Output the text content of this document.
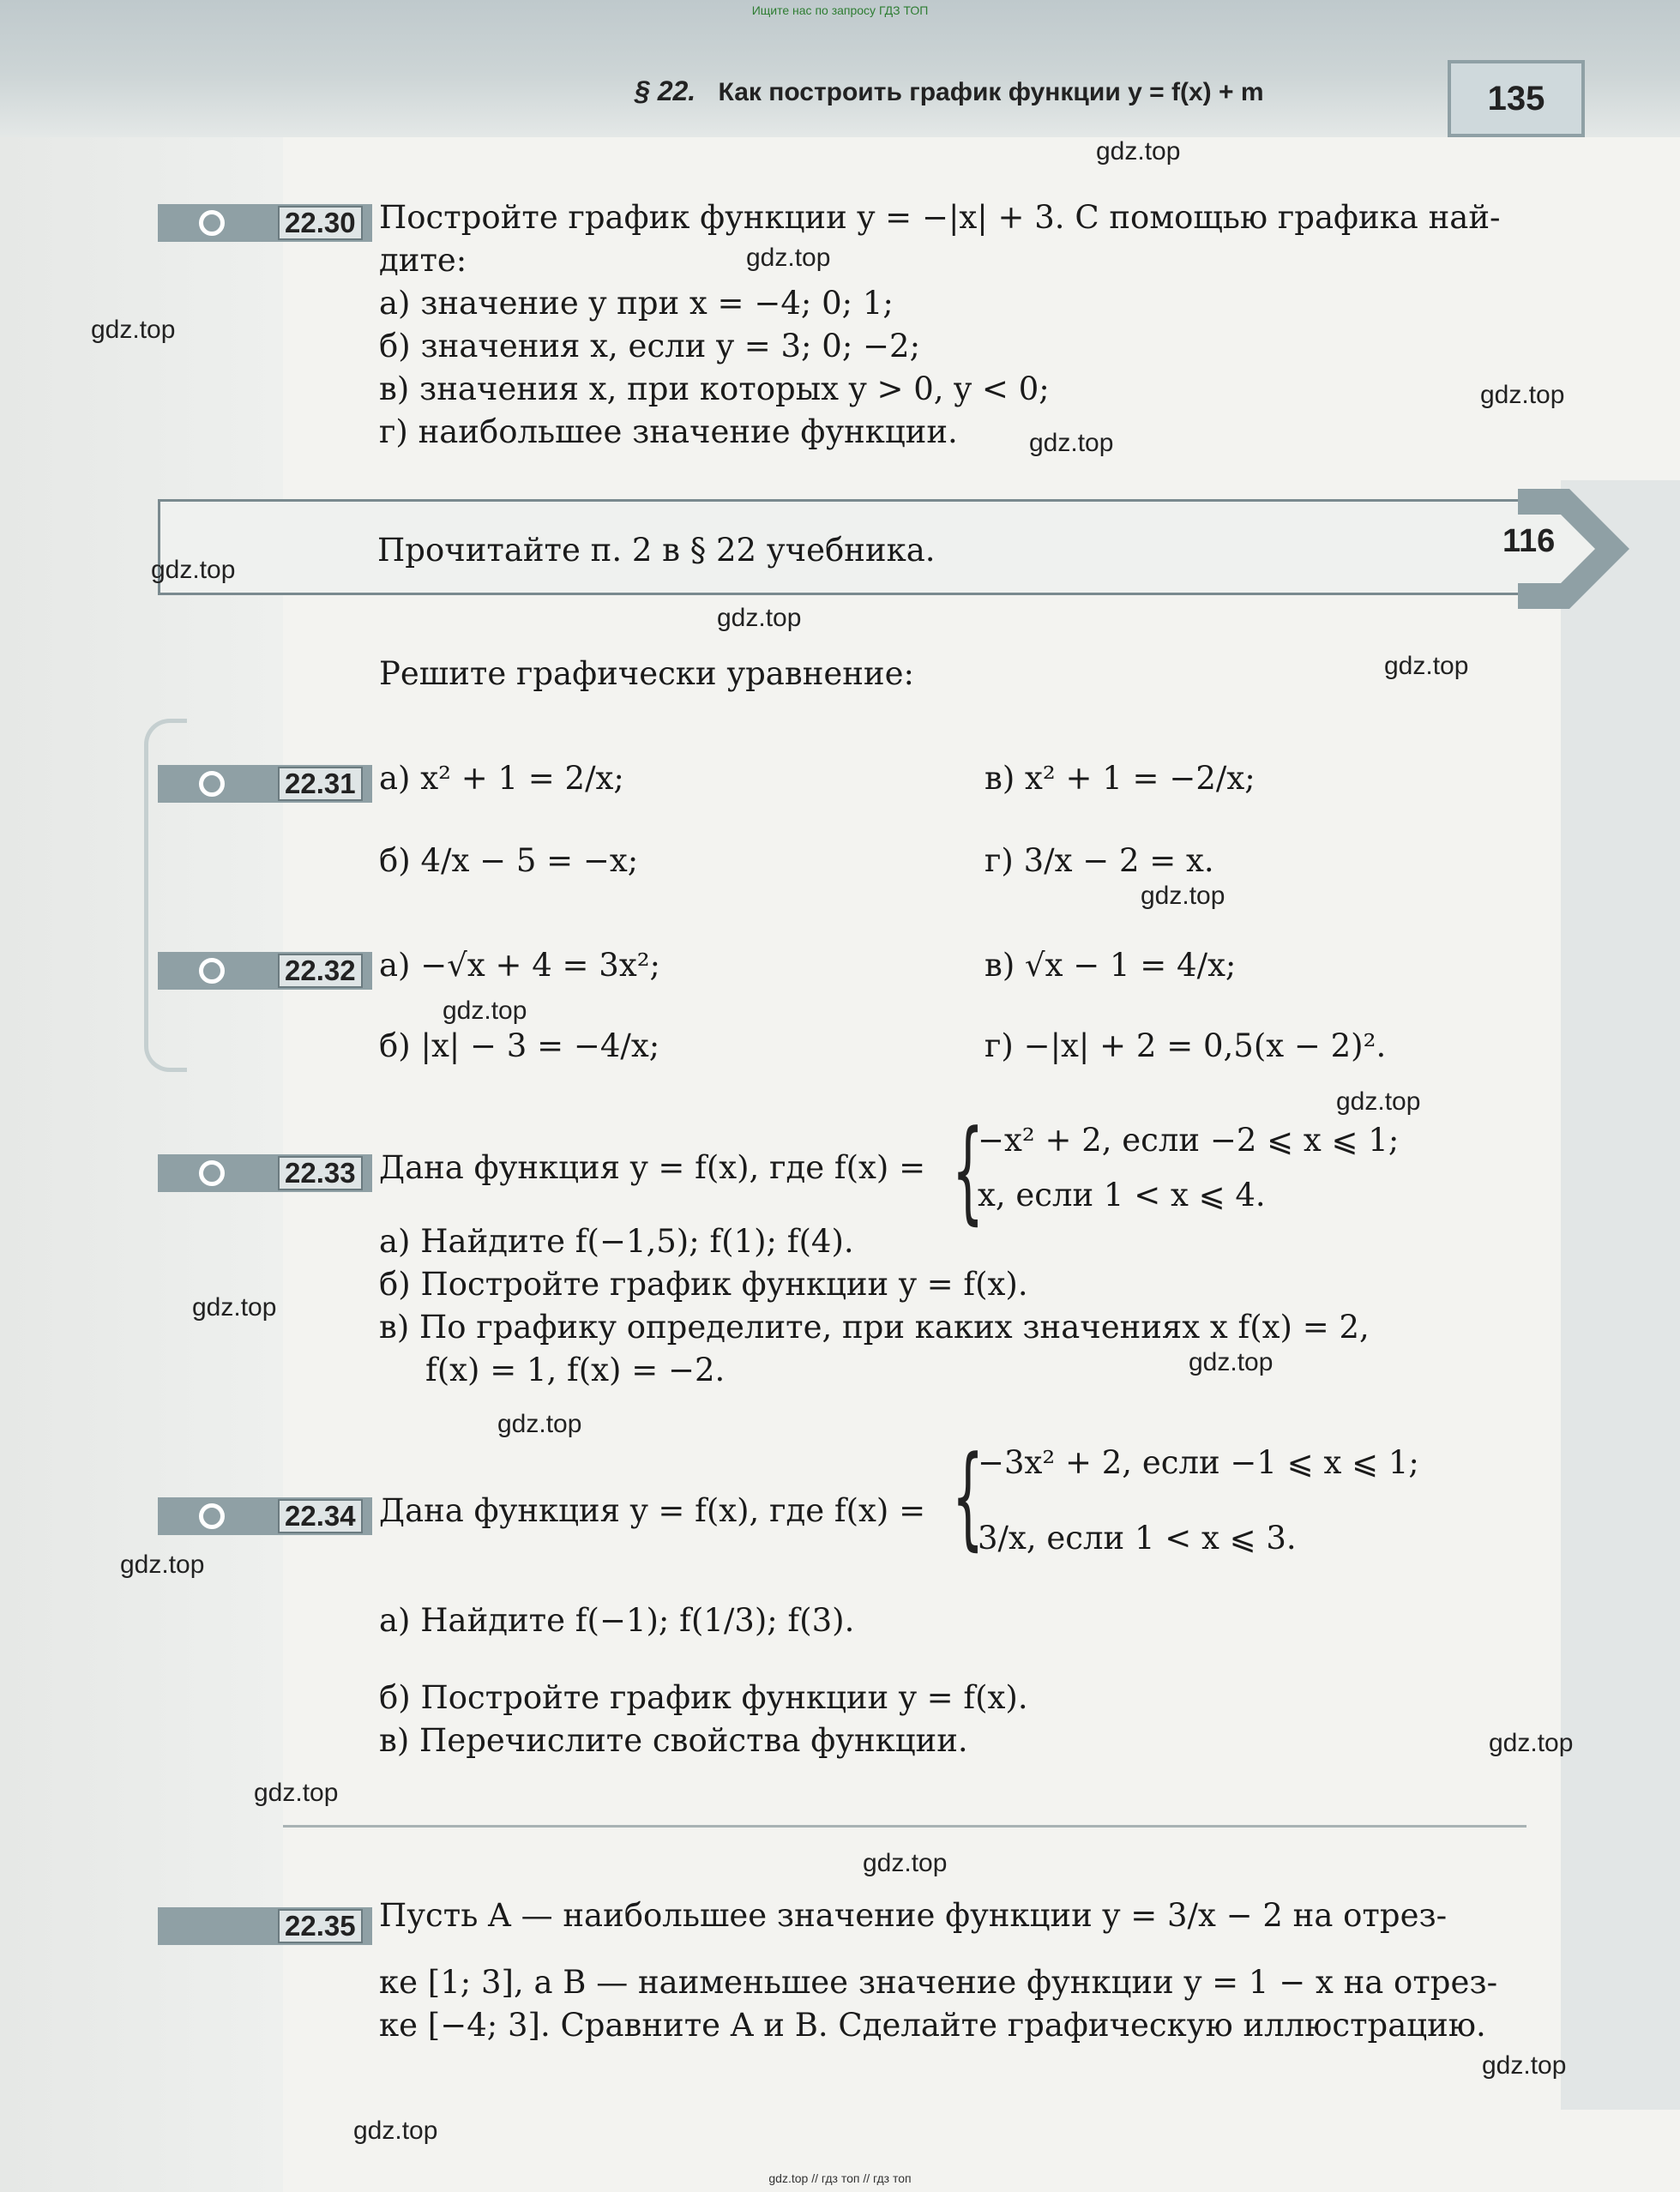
Ищите нас по запросу ГДЗ ТОП
§ 22. Как построить график функции y = f(x) + m	135
22.30 Постройте график функции y = −|x| + 3. С помощью графика най-
дите:
а) значение y при x = −4; 0; 1;
б) значения x, если y = 3; 0; −2;
в) значения x, при которых y > 0, y < 0;
г) наибольшее значение функции.
116
Прочитайте п. 2 в § 22 учебника.
Решите графически уравнение:
22.31 а) x² + 1 = 2/x;	в) x² + 1 = −2/x;
б) 4/x − 5 = −x;	г) 3/x − 2 = x.
22.32 а) −√x + 4 = 3x²;	в) √x − 1 = 4/x;
б) |x| − 3 = −4/x;	г) −|x| + 2 = 0,5(x − 2)².
22.33 Дана функция y = f(x), где f(x) = {
−x² + 2, если −2 ⩽ x ⩽ 1;
x, если 1 < x ⩽ 4.
а) Найдите f(−1,5); f(1); f(4).
б) Постройте график функции y = f(x).
в) По графику определите, при каких значениях x f(x) = 2,
f(x) = 1, f(x) = −2.
22.34 Дана функция y = f(x), где f(x) = {
−3x² + 2, если −1 ⩽ x ⩽ 1;
3/x, если 1 < x ⩽ 3.
а) Найдите f(−1); f(1/3); f(3).
б) Постройте график функции y = f(x).
в) Перечислите свойства функции.
22.35 Пусть A — наибольшее значение функции y = 3/x − 2 на отрез-
ке [1; 3], а B — наименьшее значение функции y = 1 − x на отрез-
ке [−4; 3]. Сравните A и B. Сделайте графическую иллюстрацию.
gdz.top
gdz.top
gdz.top
gdz.top
gdz.top
gdz.top
gdz.top
gdz.top
gdz.top
gdz.top
gdz.top
gdz.top
gdz.top
gdz.top
gdz.top
gdz.top
gdz.top
gdz.top
gdz.top
gdz.top
gdz.top // гдз топ // гдз топ
